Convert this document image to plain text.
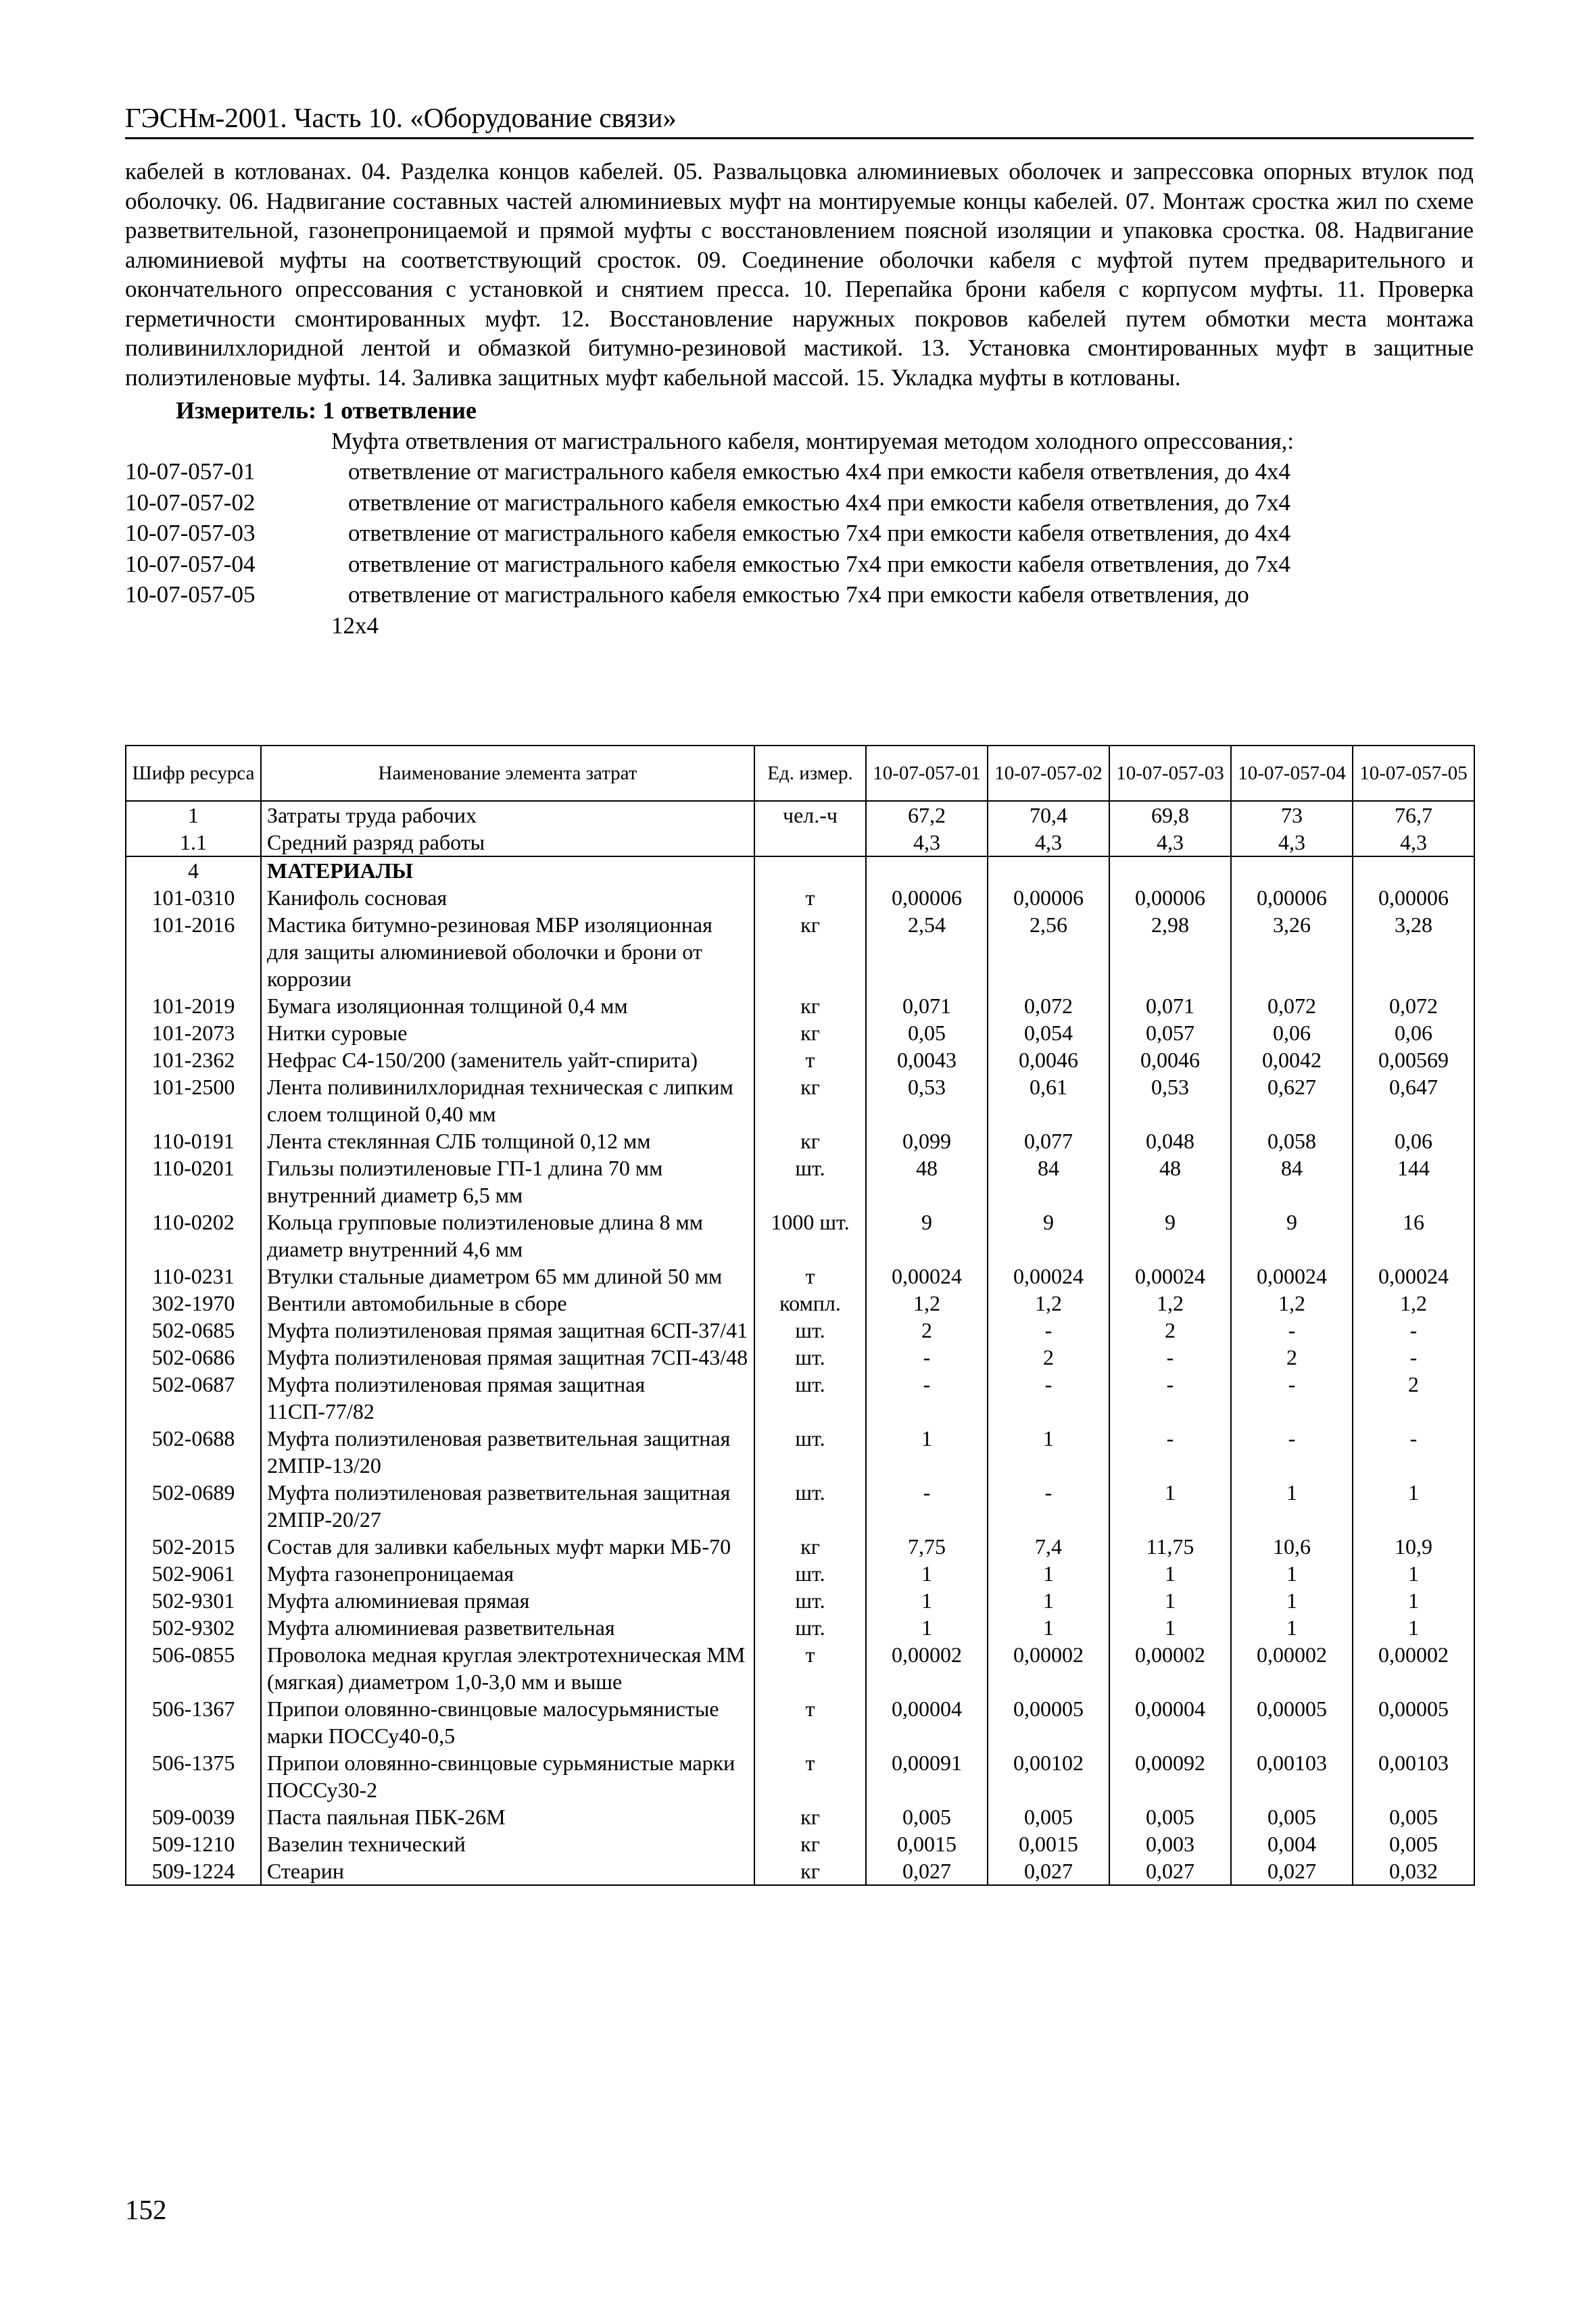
ГЭСНм-2001. Часть 10. «Оборудование связи»

кабелей в котлованах. 04. Разделка концов кабелей. 05. Развальцовка алюминиевых оболочек и запрессовка опорных втулок под оболочку. 06. Надвигание составных частей алюминиевых муфт на монтируемые концы кабелей. 07. Монтаж сростка жил по схеме разветвительной, газонепроницаемой и прямой муфты с восстановлением поясной изоляции и упаковка сростка. 08. Надвигание алюминиевой муфты на соответствующий сросток. 09. Соединение оболочки кабеля с муфтой путем предварительного и окончательного опрессования с установкой и снятием пресса. 10. Перепайка брони кабеля с корпусом муфты. 11. Проверка герметичности смонтированных муфт. 12. Восстановление наружных покровов кабелей путем обмотки места монтажа поливинилхлоридной лентой и обмазкой битумно-резиновой мастикой. 13. Установка смонтированных муфт в защитные полиэтиленовые муфты. 14. Заливка защитных муфт кабельной массой. 15. Укладка муфты в котлованы.

Измеритель: 1 ответвление
Муфта ответвления от магистрального кабеля, монтируемая методом холодного опрессования,:
10-07-057-01	ответвление от магистрального кабеля емкостью 4х4 при емкости кабеля ответвления, до 4х4
10-07-057-02	ответвление от магистрального кабеля емкостью 4х4 при емкости кабеля ответвления, до 7х4
10-07-057-03	ответвление от магистрального кабеля емкостью 7х4 при емкости кабеля ответвления, до 4х4
10-07-057-04	ответвление от магистрального кабеля емкостью 7х4 при емкости кабеля ответвления, до 7х4
10-07-057-05	ответвление от магистрального кабеля емкостью 7х4 при емкости кабеля ответвления, до
12х4
Шифр ресурса	Наименование элемента затрат	Ед. измер.	10-07-057-01	10-07-057-02	10-07-057-03	10-07-057-04	10-07-057-05
1	Затраты труда рабочих	чел.-ч	67,2	70,4	69,8	73	76,7
1.1	Средний разряд работы		4,3	4,3	4,3	4,3	4,3
4	МАТЕРИАЛЫ						
101-0310	Канифоль сосновая	т	0,00006	0,00006	0,00006	0,00006	0,00006
101-2016	Мастика битумно-резиновая МБР изоляционная для защиты алюминиевой оболочки и брони от коррозии	кг	2,54	2,56	2,98	3,26	3,28
101-2019	Бумага изоляционная толщиной 0,4 мм	кг	0,071	0,072	0,071	0,072	0,072
101-2073	Нитки суровые	кг	0,05	0,054	0,057	0,06	0,06
101-2362	Нефрас С4-150/200 (заменитель уайт-спирита)	т	0,0043	0,0046	0,0046	0,0042	0,00569
101-2500	Лента поливинилхлоридная техническая с липким слоем толщиной 0,40 мм	кг	0,53	0,61	0,53	0,627	0,647
110-0191	Лента стеклянная СЛБ толщиной 0,12 мм	кг	0,099	0,077	0,048	0,058	0,06
110-0201	Гильзы полиэтиленовые ГП-1 длина 70 мм внутренний диаметр 6,5 мм	шт.	48	84	48	84	144
110-0202	Кольца групповые полиэтиленовые длина 8 мм диаметр внутренний 4,6 мм	1000 шт.	9	9	9	9	16
110-0231	Втулки стальные диаметром 65 мм длиной 50 мм	т	0,00024	0,00024	0,00024	0,00024	0,00024
302-1970	Вентили автомобильные в сборе	компл.	1,2	1,2	1,2	1,2	1,2
502-0685	Муфта полиэтиленовая прямая защитная 6СП-37/41	шт.	2	-	2	-	-
502-0686	Муфта полиэтиленовая прямая защитная 7СП-43/48	шт.	-	2	-	2	-
502-0687	Муфта полиэтиленовая прямая защитная 11СП-77/82	шт.	-	-	-	-	2
502-0688	Муфта полиэтиленовая разветвительная защитная 2МПР-13/20	шт.	1	1	-	-	-
502-0689	Муфта полиэтиленовая разветвительная защитная 2МПР-20/27	шт.	-	-	1	1	1
502-2015	Состав для заливки кабельных муфт марки МБ-70	кг	7,75	7,4	11,75	10,6	10,9
502-9061	Муфта газонепроницаемая	шт.	1	1	1	1	1
502-9301	Муфта алюминиевая прямая	шт.	1	1	1	1	1
502-9302	Муфта алюминиевая разветвительная	шт.	1	1	1	1	1
506-0855	Проволока медная круглая электротехническая ММ (мягкая) диаметром 1,0-3,0 мм и выше	т	0,00002	0,00002	0,00002	0,00002	0,00002
506-1367	Припои оловянно-свинцовые малосурьмянистые марки ПОССу40-0,5	т	0,00004	0,00005	0,00004	0,00005	0,00005
506-1375	Припои оловянно-свинцовые сурьмянистые марки ПОССу30-2	т	0,00091	0,00102	0,00092	0,00103	0,00103
509-0039	Паста паяльная ПБК-26М	кг	0,005	0,005	0,005	0,005	0,005
509-1210	Вазелин технический	кг	0,0015	0,0015	0,003	0,004	0,005
509-1224	Стеарин	кг	0,027	0,027	0,027	0,027	0,032
152
